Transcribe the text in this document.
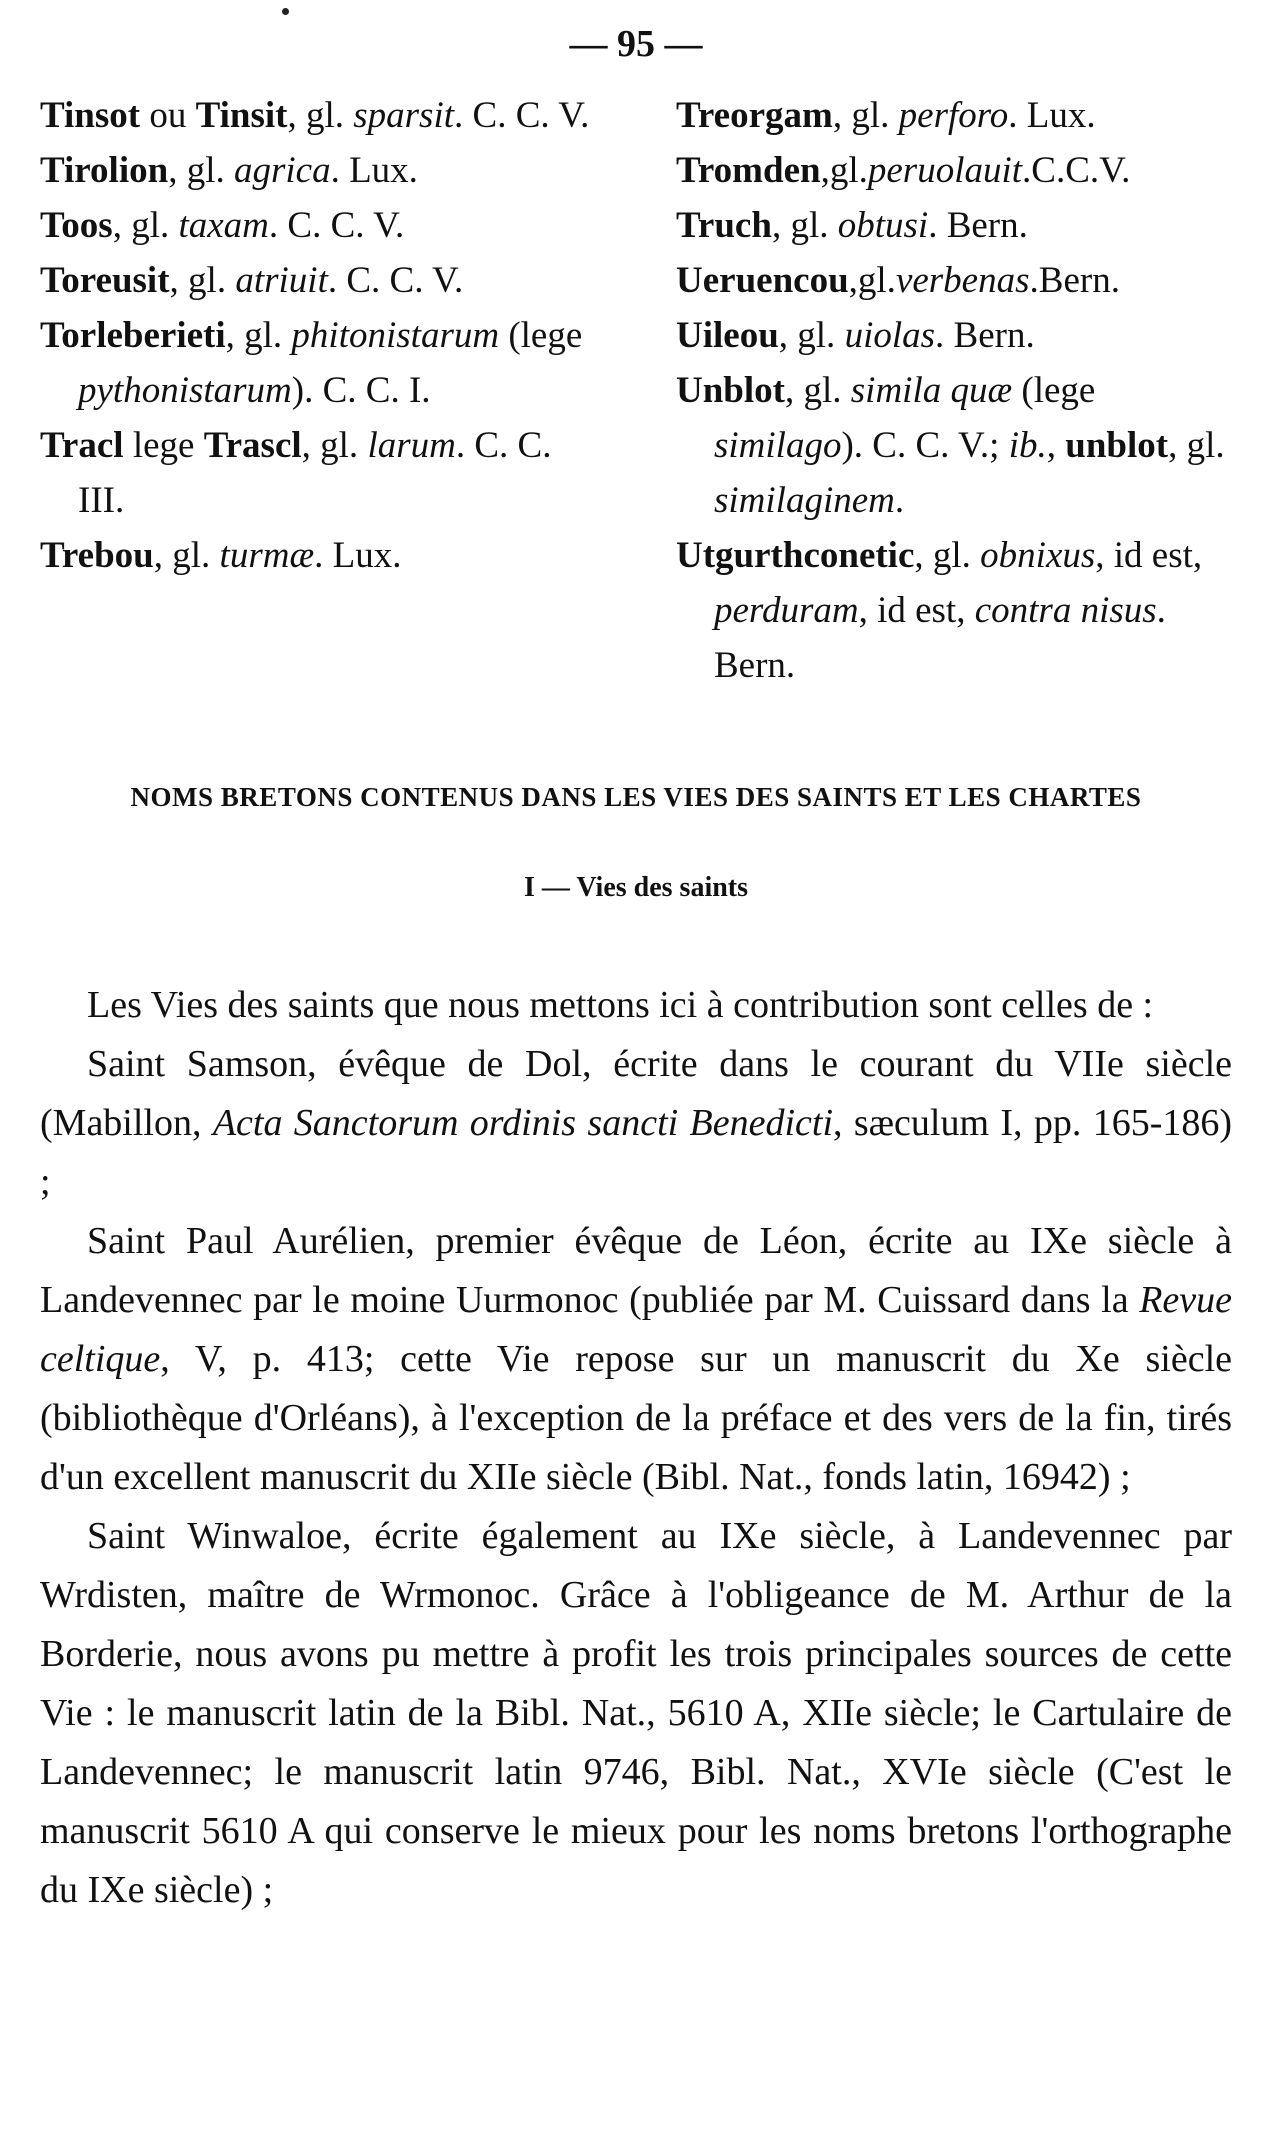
— 95 —
Tinsot ou Tinsit, gl. sparsit. C. C. V.
Tirolion, gl. agrica. Lux.
Toos, gl. taxam. C. C. V.
Toreusit, gl. atriuit. C. C. V.
Torleberieti, gl. phitonistarum (lege pythonistarum). C. C. I.
Tracl lege Trascl, gl. larum. C. C. III.
Trebou, gl. turmæ. Lux.
Treorgam, gl. perforo. Lux.
Tromden,gl.peruolauit.C.C.V.
Truch, gl. obtusi. Bern.
Ueruencou,gl.verbenas.Bern.
Uileou, gl. uiolas. Bern.
Unblot, gl. simila quæ (lege similago). C. C. V.; ib., unblot, gl. similaginem.
Utgurthconetic, gl. obnixus, id est, perduram, id est, contra nisus. Bern.
NOMS BRETONS CONTENUS DANS LES VIES DES SAINTS ET LES CHARTES
I — Vies des saints

Les Vies des saints que nous mettons ici à contribution sont celles de :

Saint Samson, évêque de Dol, écrite dans le courant du VIIe siècle (Mabillon, Acta Sanctorum ordinis sancti Benedicti, sæculum I, pp. 165-186) ;

Saint Paul Aurélien, premier évêque de Léon, écrite au IXe siècle à Landevennec par le moine Uurmonoc (publiée par M. Cuissard dans la Revue celtique, V, p. 413; cette Vie repose sur un manuscrit du Xe siècle (bibliothèque d'Orléans), à l'exception de la préface et des vers de la fin, tirés d'un excellent manuscrit du XIIe siècle (Bibl. Nat., fonds latin, 16942) ;

Saint Winwaloe, écrite également au IXe siècle, à Landevennec par Wrdisten, maître de Wrmonoc. Grâce à l'obligeance de M. Arthur de la Borderie, nous avons pu mettre à profit les trois principales sources de cette Vie : le manuscrit latin de la Bibl. Nat., 5610 A, XIIe siècle; le Cartulaire de Landevennec; le manuscrit latin 9746, Bibl. Nat., XVIe siècle (C'est le manuscrit 5610 A qui conserve le mieux pour les noms bretons l'orthographe du IXe siècle) ;
